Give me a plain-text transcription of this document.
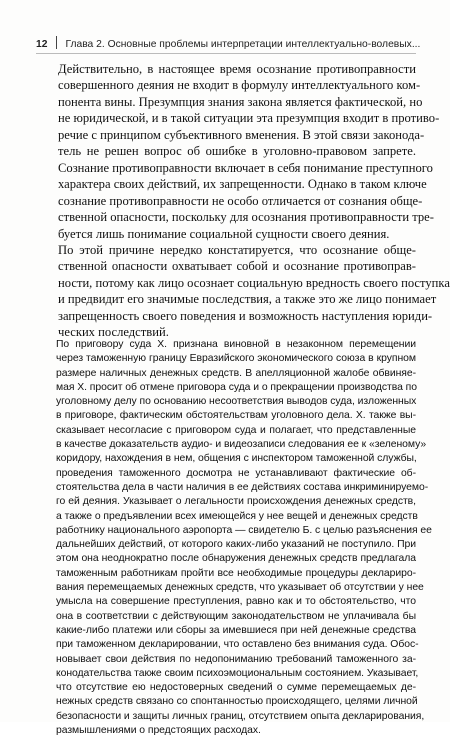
12 Глава 2. Основные проблемы интерпретации интеллектуально-волевых...
Действительно, в настоящее время осознание противоправности
совершенного деяния не входит в формулу интеллектуального ком-
понента вины. Презумпция знания закона является фактической, но
не юридической, и в такой ситуации эта презумпция входит в противо-
речие с принципом субъективного вменения. В этой связи законода-
тель не решен вопрос об ошибке в уголовно-правовом запрете.
Сознание противоправности включает в себя понимание преступного
характера своих действий, их запрещенности. Однако в таком ключе
сознание противоправности не особо отличается от сознания обще-
ственной опасности, поскольку для осознания противоправности тре-
буется лишь понимание социальной сущности своего деяния.
По этой причине нередко констатируется, что осознание обще-
ственной опасности охватывает собой и осознание противоправ-
ности, потому как лицо осознает социальную вредность своего поступка
и предвидит его значимые последствия, а также это же лицо понимает
запрещенность своего поведения и возможность наступления юриди-
ческих последствий.
По приговору суда Х. признана виновной в незаконном перемещении
через таможенную границу Евразийского экономического союза в крупном
размере наличных денежных средств. В апелляционной жалобе обвиняе-
мая Х. просит об отмене приговора суда и о прекращении производства по
уголовному делу по основанию несоответствия выводов суда, изложенных
в приговоре, фактическим обстоятельствам уголовного дела. Х. также вы-
сказывает несогласие с приговором суда и полагает, что представленные
в качестве доказательств аудио- и видеозаписи следования ее к «зеленому»
коридору, нахождения в нем, общения с инспектором таможенной службы,
проведения таможенного досмотра не устанавливают фактические об-
стоятельства дела в части наличия в ее действиях состава инкриминируемо-
го ей деяния. Указывает о легальности происхождения денежных средств,
а также о предъявлении всех имеющейся у нее вещей и денежных средств
работнику национального аэропорта — свидетелю Б. с целью разъяснения ее
дальнейших действий, от которого каких-либо указаний не поступило. При
этом она неоднократно после обнаружения денежных средств предлагала
таможенным работникам пройти все необходимые процедуры деклариро-
вания перемещаемых денежных средств, что указывает об отсутствии у нее
умысла на совершение преступления, равно как и то обстоятельство, что
она в соответствии с действующим законодательством не уплачивала бы
какие-либо платежи или сборы за имевшиеся при ней денежные средства
при таможенном декларировании, что оставлено без внимания суда. Обос-
новывает свои действия по недопониманию требований таможенного за-
конодательства также своим психоэмоциональным состоянием. Указывает,
что отсутствие ею недостоверных сведений о сумме перемещаемых де-
нежных средств связано со спонтанностью происходящего, целями личной
безопасности и защиты личных границ, отсутствием опыта декларирования,
размышлениями о предстоящих расходах.
